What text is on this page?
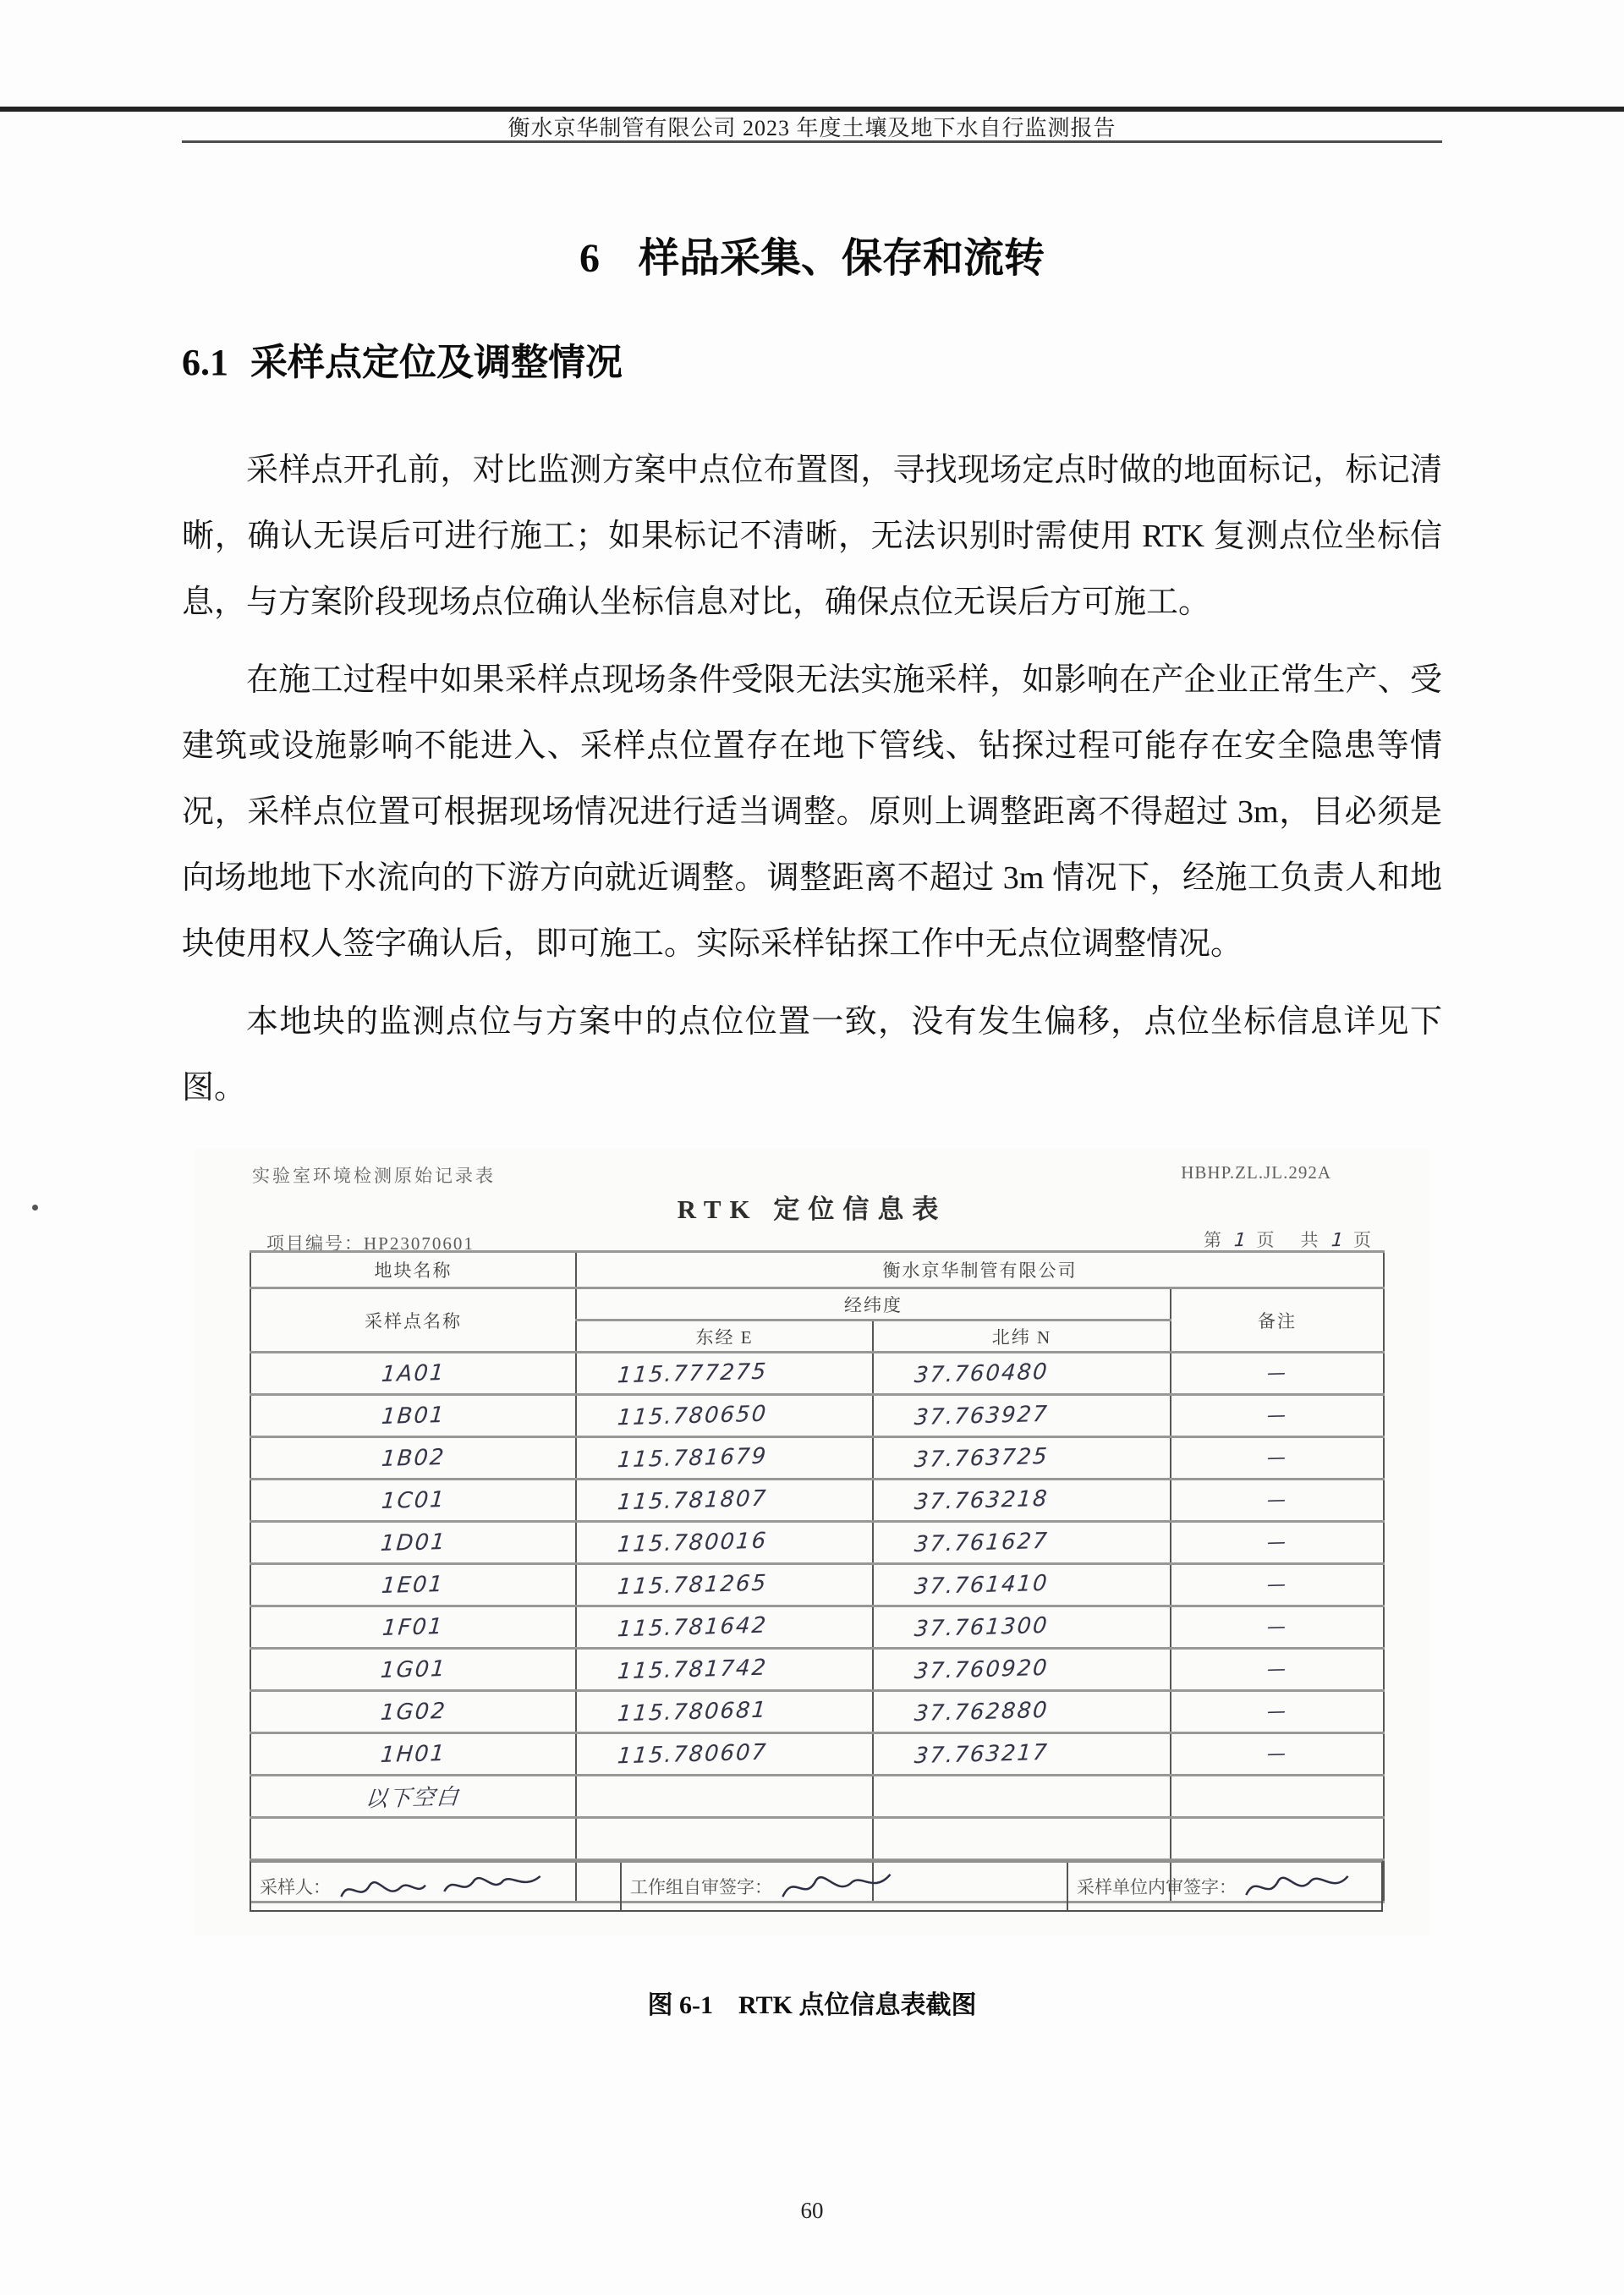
衡水京华制管有限公司 2023 年度土壤及地下水自行监测报告
6 样品采集、保存和流转
6.1 采样点定位及调整情况

采样点开孔前，对比监测方案中点位布置图，寻找现场定点时做的地面标记，标记清晰，确认无误后可进行施工；如果标记不清晰，无法识别时需使用 RTK 复测点位坐标信息，与方案阶段现场点位确认坐标信息对比，确保点位无误后方可施工。

在施工过程中如果采样点现场条件受限无法实施采样，如影响在产企业正常生产、受建筑或设施影响不能进入、采样点位置存在地下管线、钻探过程可能存在安全隐患等情况，采样点位置可根据现场情况进行适当调整。原则上调整距离不得超过 3m，目必须是向场地地下水流向的下游方向就近调整。调整距离不超过 3m 情况下，经施工负责人和地块使用权人签字确认后，即可施工。实际采样钻探工作中无点位调整情况。

本地块的监测点位与方案中的点位位置一致，没有发生偏移，点位坐标信息详见下图。

实验室环境检测原始记录表	HBHP.ZL.JL.292A
RTK 定位信息表
项目编号：HP23070601	第 1 页　共 1 页
地块名称	衡水京华制管有限公司		
采样点名称	经纬度		备注
	东经 E	北纬 N	
1A01	115.777275	37.760480	—
1B01	115.780650	37.763927	—
1B02	115.781679	37.763725	—
1C01	115.781807	37.763218	—
1D01	115.780016	37.761627	—
1E01	115.781265	37.761410	—
1F01	115.781642	37.761300	—
1G01	115.781742	37.760920	—
1G02	115.780681	37.762880	—
1H01	115.780607	37.763217	—
以下空白			

采样人：	工作组自审签字：	采样单位内审签字：
图 6-1 RTK 点位信息表截图
60
